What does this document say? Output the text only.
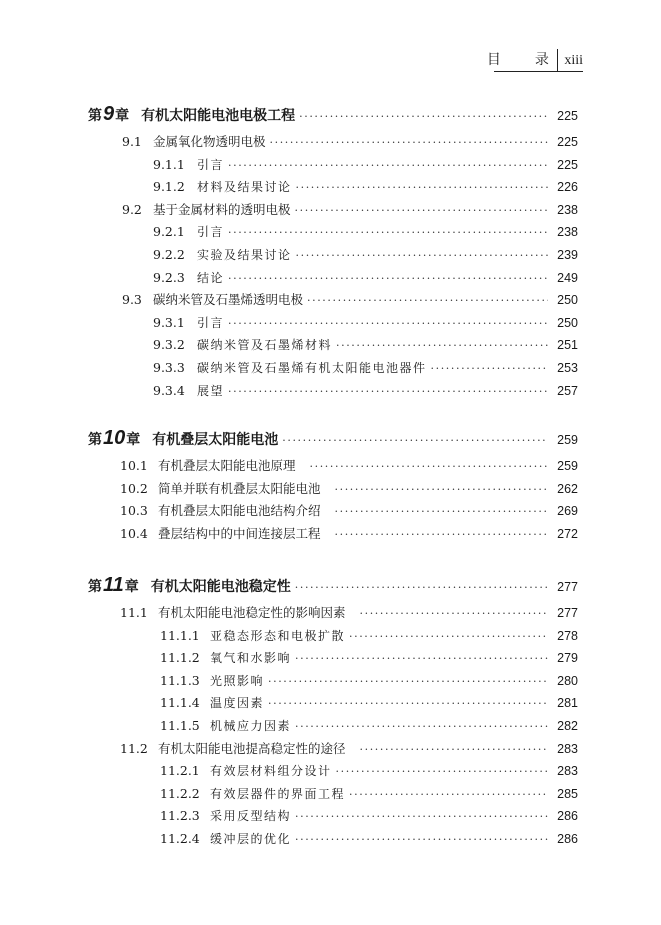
目 录 xiii
第9章 有机太阳能电池电极工程 ·····	225
9.1 金属氧化物透明电极 ·····	225
9.1.1	引言 ·····	225
9.1.2	材料及结果讨论 ·····	226
9.2 基于金属材料的透明电极 ·····	238
9.2.1	引言 ·····	238
9.2.2	实验及结果讨论 ·····	239
9.2.3	结论 ·····	249
9.3 碳纳米管及石墨烯透明电极 ·····	250
9.3.1	引言 ·····	250
9.3.2	碳纳米管及石墨烯材料 ·····	251
9.3.3	碳纳米管及石墨烯有机太阳能电池器件 ·····	253
9.3.4	展望 ·····	257
第10章 有机叠层太阳能电池 ·····	259
10.1 有机叠层太阳能电池原理 ·····	259
10.2 简单并联有机叠层太阳能电池 ·····	262
10.3 有机叠层太阳能电池结构介绍 ·····	269
10.4 叠层结构中的中间连接层工程 ·····	272
第11章 有机太阳能电池稳定性 ·····	277
11.1 有机太阳能电池稳定性的影响因素 ·····	277
11.1.1 亚稳态形态和电极扩散 ·····	278
11.1.2 氧气和水影响 ·····	279
11.1.3 光照影响 ·····	280
11.1.4 温度因素 ·····	281
11.1.5 机械应力因素 ·····	282
11.2 有机太阳能电池提高稳定性的途径 ·····	283
11.2.1 有效层材料组分设计 ·····	283
11.2.2 有效层器件的界面工程 ·····	285
11.2.3 采用反型结构 ·····	286
11.2.4 缓冲层的优化 ·····	286
